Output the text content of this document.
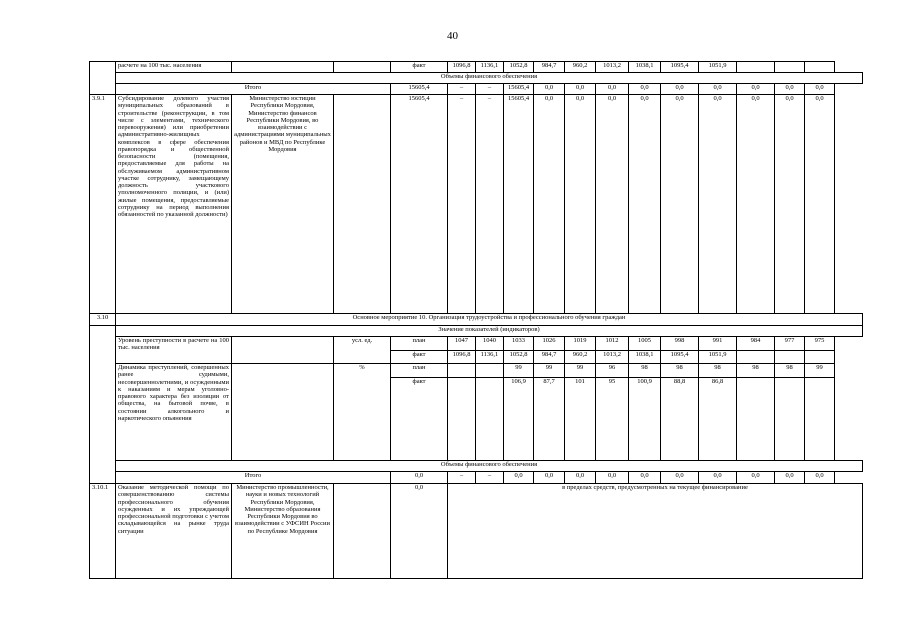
40
	расчете на 100 тыс. населения			факт	1096,8	1136,1	1052,8	984,7	960,2	1013,2	1038,1	1095,4	1051,9			
	Объемы финансового обеспечения															
	Итого			15605,4	–	–	15605,4	0,0	0,0	0,0	0,0	0,0	0,0	0,0	0,0	0,0
3.9.1	Субсидирование долевого участия муниципальных образований в строительстве (реконструкции, в том числе с элементами, технического перевооружения) или приобретении административно-жилищных комплексов в сфере обеспечения правопорядка и общественной безопасности (помещения, предоставляемые для работы на обслуживаемом административном участке сотруднику, замещающему должность участкового уполномоченного полиции, и (или) жилые помещения, предоставляемые сотруднику на период выполнения обязанностей по указанной должности)	Министерство юстиции Республики Мордовия, Министерство финансов Республики Мордовия, во взаимодействии с администрациями муниципальных районов и МВД по Республике Мордовия		15605,4	–	–	15605,4	0,0	0,0	0,0	0,0	0,0	0,0	0,0	0,0	0,0
3.10	Основное мероприятие 10. Организация трудоустройства и профессионального обучения граждан															
	Значение показателей (индикаторов)															
	Уровень преступности в расчете на 100 тыс. населения		усл. ед.	план	1047	1040	1033	1026	1019	1012	1005	998	991	984	977	975
				факт	1096,8	1136,1	1052,8	984,7	960,2	1013,2	1038,1	1095,4	1051,9			
	Динамика преступлений, совершенных ранее судимыми, несовершеннолетними, и осужденными к наказаниям и мерам уголовно-правового характера без изоляции от общества, на бытовой почве, в состоянии алкогольного и наркотического опьянения		%	план			99	99	99	96	98	98	98	98	98	99
				факт			106,9	87,7	101	95	100,9	88,8	86,8			
	Объемы финансового обеспечения															
	Итого			0,0	–	–	0,0	0,0	0,0	0,0	0,0	0,0	0,0	0,0	0,0	0,0
3.10.1	Оказание методической помощи по совершенствованию системы профессионального обучения осужденных и их упреждающей профессиональной подготовки с учетом складывающейся на рынке труда ситуации	Министерство промышленности, науки и новых технологий Республики Мордовия, Министерство образования Республики Мордовия во взаимодействии с УФСИН России по Республике Мордовия		0,0	в пределах средств, предусмотренных на текущее финансирование											
